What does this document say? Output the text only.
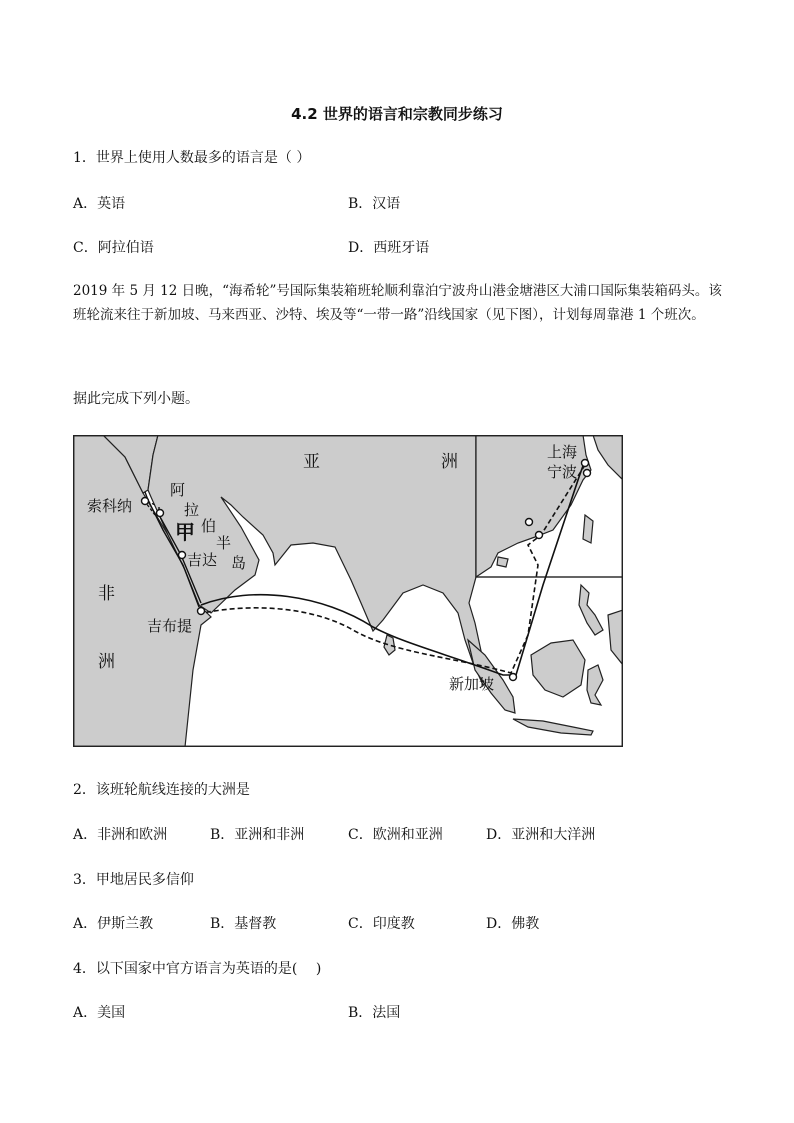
4.2 世界的语言和宗教同步练习
1．世界上使用人数最多的语言是（ ）
A．英语	B．汉语
C．阿拉伯语	D．西班牙语
2019 年 5 月 12 日晚，“海希轮”号国际集装箱班轮顺利靠泊宁波舟山港金塘港区大浦口国际集装箱码头。该班轮流来往于新加坡、马来西亚、沙特、埃及等“一带一路”沿线国家（见下图），计划每周靠港 1 个班次。
据此完成下列小题。
亚	洲
非
洲
阿
拉
伯
半
岛
甲
索科纳
吉达
吉布提
新加坡
上海
宁波
2．该班轮航线连接的大洲是
A．非洲和欧洲	B．亚洲和非洲	C．欧洲和亚洲	D．亚洲和大洋洲
3．甲地居民多信仰
A．伊斯兰教	B．基督教	C．印度教	D．佛教
4．以下国家中官方语言为英语的是(　 )
A．美国	B．法国
